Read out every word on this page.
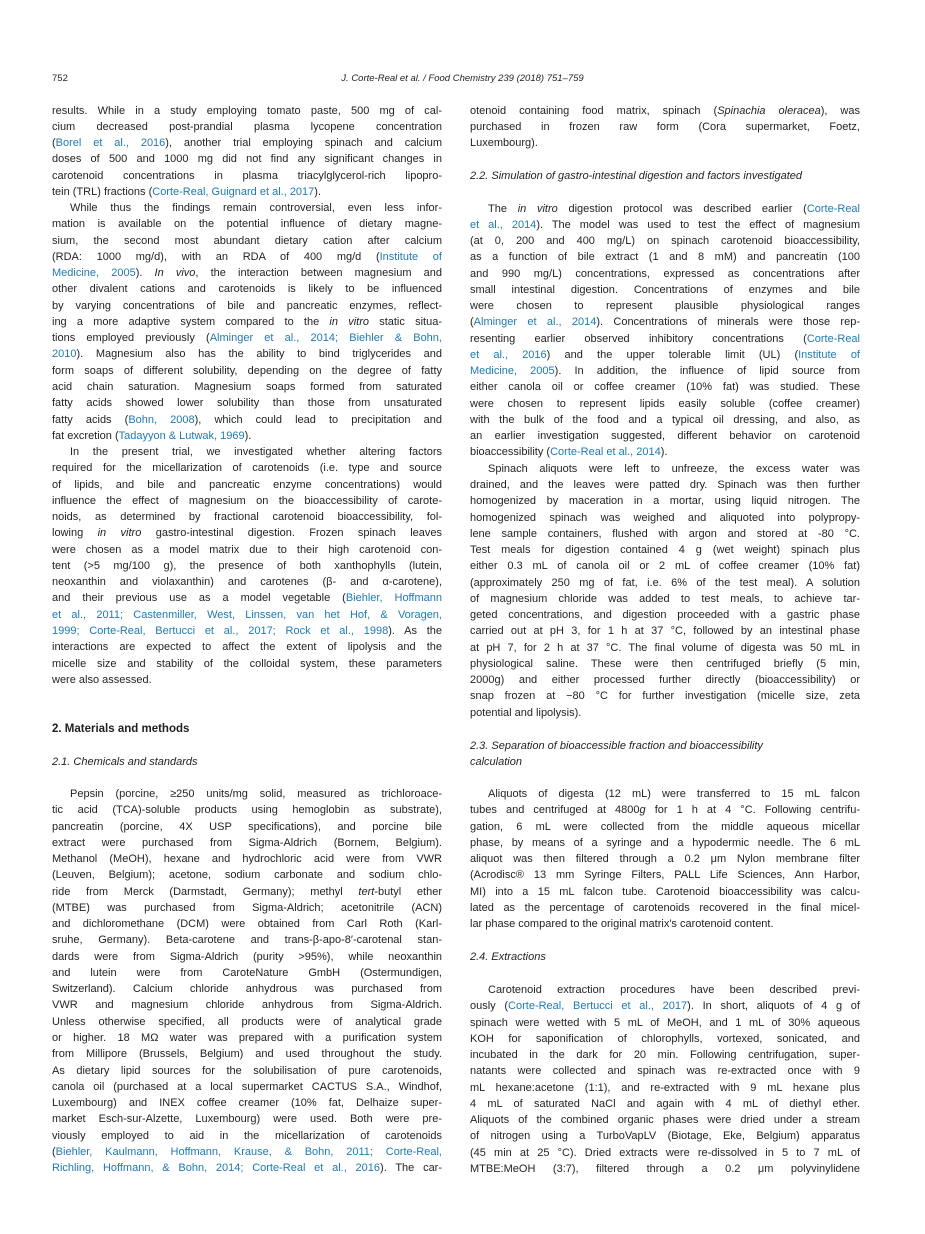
752	J. Corte-Real et al. / Food Chemistry 239 (2018) 751–759
results. While in a study employing tomato paste, 500 mg of cal-
cium decreased post-prandial plasma lycopene concentration
(Borel et al., 2016), another trial employing spinach and calcium
doses of 500 and 1000 mg did not find any significant changes in
carotenoid concentrations in plasma triacylglycerol-rich lipopro-
tein (TRL) fractions (Corte-Real, Guignard et al., 2017).
While thus the findings remain controversial, even less infor-
mation is available on the potential influence of dietary magne-
sium, the second most abundant dietary cation after calcium
(RDA: 1000 mg/d), with an RDA of 400 mg/d (Institute of
Medicine, 2005). In vivo, the interaction between magnesium and
other divalent cations and carotenoids is likely to be influenced
by varying concentrations of bile and pancreatic enzymes, reflect-
ing a more adaptive system compared to the in vitro static situa-
tions employed previously (Alminger et al., 2014; Biehler & Bohn,
2010). Magnesium also has the ability to bind triglycerides and
form soaps of different solubility, depending on the degree of fatty
acid chain saturation. Magnesium soaps formed from saturated
fatty acids showed lower solubility than those from unsaturated
fatty acids (Bohn, 2008), which could lead to precipitation and
fat excretion (Tadayyon & Lutwak, 1969).
In the present trial, we investigated whether altering factors
required for the micellarization of carotenoids (i.e. type and source
of lipids, and bile and pancreatic enzyme concentrations) would
influence the effect of magnesium on the bioaccessibility of carote-
noids, as determined by fractional carotenoid bioaccessibility, fol-
lowing in vitro gastro-intestinal digestion. Frozen spinach leaves
were chosen as a model matrix due to their high carotenoid con-
tent (>5 mg/100 g), the presence of both xanthophylls (lutein,
neoxanthin and violaxanthin) and carotenes (β- and α-carotene),
and their previous use as a model vegetable (Biehler, Hoffmann
et al., 2011; Castenmiller, West, Linssen, van het Hof, & Voragen,
1999; Corte-Real, Bertucci et al., 2017; Rock et al., 1998). As the
interactions are expected to affect the extent of lipolysis and the
micelle size and stability of the colloidal system, these parameters
were also assessed.
2. Materials and methods
2.1. Chemicals and standards
Pepsin (porcine, ≥250 units/mg solid, measured as trichloroace-
tic acid (TCA)-soluble products using hemoglobin as substrate),
pancreatin (porcine, 4X USP specifications), and porcine bile
extract were purchased from Sigma-Aldrich (Bornem, Belgium).
Methanol (MeOH), hexane and hydrochloric acid were from VWR
(Leuven, Belgium); acetone, sodium carbonate and sodium chlo-
ride from Merck (Darmstadt, Germany); methyl tert-butyl ether
(MTBE) was purchased from Sigma-Aldrich; acetonitrile (ACN)
and dichloromethane (DCM) were obtained from Carl Roth (Karl-
sruhe, Germany). Beta-carotene and trans-β-apo-8′-carotenal stan-
dards were from Sigma-Aldrich (purity >95%), while neoxanthin
and lutein were from CaroteNature GmbH (Ostermundigen,
Switzerland). Calcium chloride anhydrous was purchased from
VWR and magnesium chloride anhydrous from Sigma-Aldrich.
Unless otherwise specified, all products were of analytical grade
or higher. 18 MΩ water was prepared with a purification system
from Millipore (Brussels, Belgium) and used throughout the study.
As dietary lipid sources for the solubilisation of pure carotenoids,
canola oil (purchased at a local supermarket CACTUS S.A., Windhof,
Luxembourg) and INEX coffee creamer (10% fat, Delhaize super-
market Esch-sur-Alzette, Luxembourg) were used. Both were pre-
viously employed to aid in the micellarization of carotenoids
(Biehler, Kaulmann, Hoffmann, Krause, & Bohn, 2011; Corte-Real,
Richling, Hoffmann, & Bohn, 2014; Corte-Real et al., 2016). The car-
otenoid containing food matrix, spinach (Spinachia oleracea), was
purchased in frozen raw form (Cora supermarket, Foetz,
Luxembourg).
2.2. Simulation of gastro-intestinal digestion and factors investigated
The in vitro digestion protocol was described earlier (Corte-Real
et al., 2014). The model was used to test the effect of magnesium
(at 0, 200 and 400 mg/L) on spinach carotenoid bioaccessibility,
as a function of bile extract (1 and 8 mM) and pancreatin (100
and 990 mg/L) concentrations, expressed as concentrations after
small intestinal digestion. Concentrations of enzymes and bile
were chosen to represent plausible physiological ranges
(Alminger et al., 2014). Concentrations of minerals were those rep-
resenting earlier observed inhibitory concentrations (Corte-Real
et al., 2016) and the upper tolerable limit (UL) (Institute of
Medicine, 2005). In addition, the influence of lipid source from
either canola oil or coffee creamer (10% fat) was studied. These
were chosen to represent lipids easily soluble (coffee creamer)
with the bulk of the food and a typical oil dressing, and also, as
an earlier investigation suggested, different behavior on carotenoid
bioaccessibility (Corte-Real et al., 2014).
Spinach aliquots were left to unfreeze, the excess water was
drained, and the leaves were patted dry. Spinach was then further
homogenized by maceration in a mortar, using liquid nitrogen. The
homogenized spinach was weighed and aliquoted into polypropy-
lene sample containers, flushed with argon and stored at -80 °C.
Test meals for digestion contained 4 g (wet weight) spinach plus
either 0.3 mL of canola oil or 2 mL of coffee creamer (10% fat)
(approximately 250 mg of fat, i.e. 6% of the test meal). A solution
of magnesium chloride was added to test meals, to achieve tar-
geted concentrations, and digestion proceeded with a gastric phase
carried out at pH 3, for 1 h at 37 °C, followed by an intestinal phase
at pH 7, for 2 h at 37 °C. The final volume of digesta was 50 mL in
physiological saline. These were then centrifuged briefly (5 min,
2000g) and either processed further directly (bioaccessibility) or
snap frozen at −80 °C for further investigation (micelle size, zeta
potential and lipolysis).
2.3. Separation of bioaccessible fraction and bioaccessibility
calculation
Aliquots of digesta (12 mL) were transferred to 15 mL falcon
tubes and centrifuged at 4800g for 1 h at 4 °C. Following centrifu-
gation, 6 mL were collected from the middle aqueous micellar
phase, by means of a syringe and a hypodermic needle. The 6 mL
aliquot was then filtered through a 0.2 μm Nylon membrane filter
(Acrodisc® 13 mm Syringe Filters, PALL Life Sciences, Ann Harbor,
MI) into a 15 mL falcon tube. Carotenoid bioaccessibility was calcu-
lated as the percentage of carotenoids recovered in the final micel-
lar phase compared to the original matrix's carotenoid content.
2.4. Extractions
Carotenoid extraction procedures have been described previ-
ously (Corte-Real, Bertucci et al., 2017). In short, aliquots of 4 g of
spinach were wetted with 5 mL of MeOH, and 1 mL of 30% aqueous
KOH for saponification of chlorophylls, vortexed, sonicated, and
incubated in the dark for 20 min. Following centrifugation, super-
natants were collected and spinach was re-extracted once with 9
mL hexane:acetone (1:1), and re-extracted with 9 mL hexane plus
4 mL of saturated NaCl and again with 4 mL of diethyl ether.
Aliquots of the combined organic phases were dried under a stream
of nitrogen using a TurboVapLV (Biotage, Eke, Belgium) apparatus
(45 min at 25 °C). Dried extracts were re-dissolved in 5 to 7 mL of
MTBE:MeOH (3:7), filtered through a 0.2 μm polyvinylidene
